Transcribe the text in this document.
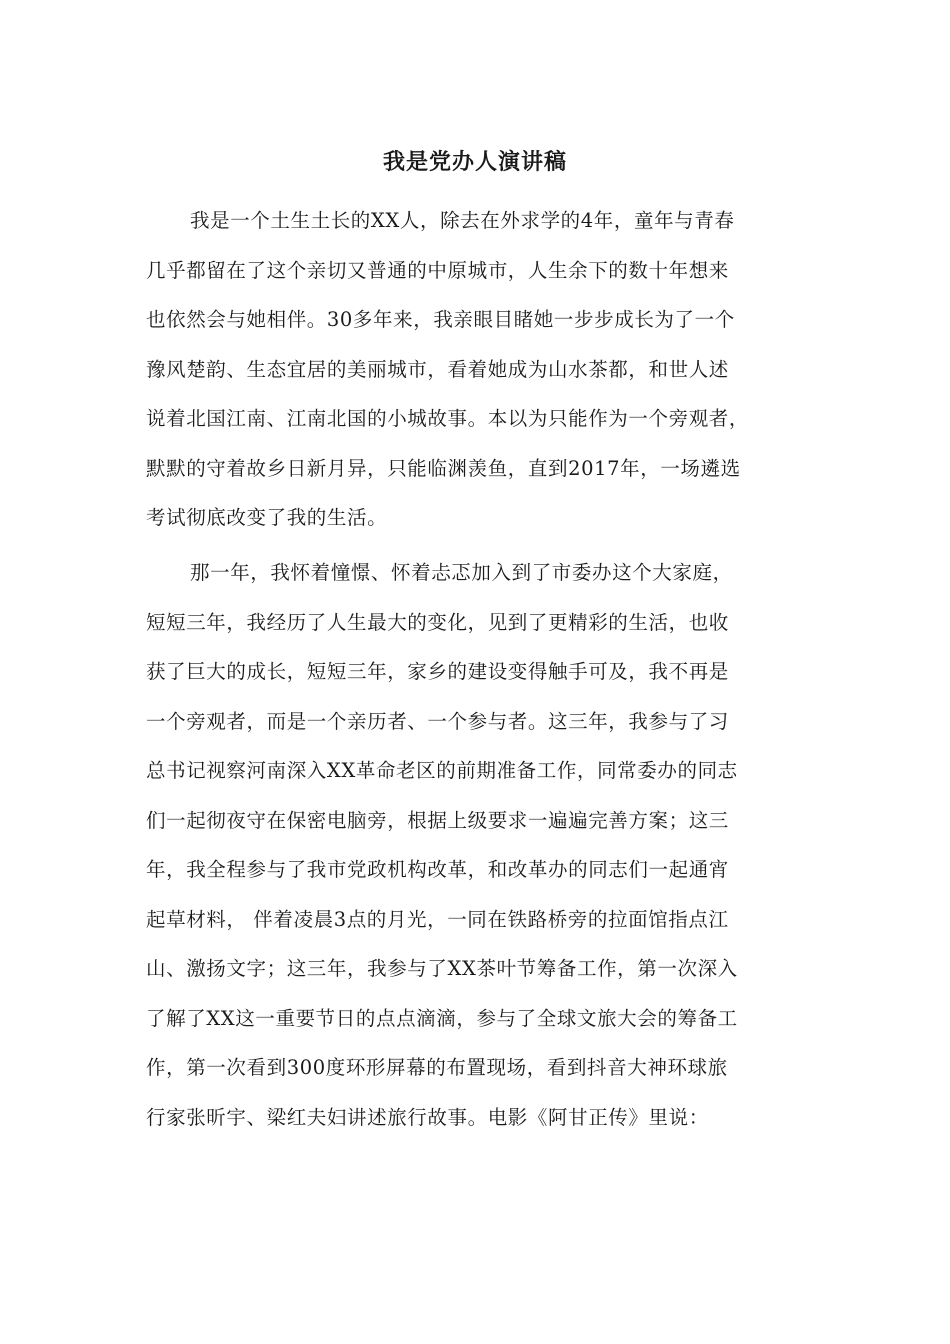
我是党办人演讲稿
我是一个土生土长的XX人，除去在外求学的4年，童年与青春
几乎都留在了这个亲切又普通的中原城市，人生余下的数十年想来
也依然会与她相伴。30多年来，我亲眼目睹她一步步成长为了一个
豫风楚韵、生态宜居的美丽城市，看着她成为山水茶都，和世人述
说着北国江南、江南北国的小城故事。本以为只能作为一个旁观者，
默默的守着故乡日新月异，只能临渊羡鱼，直到2017年，一场遴选
考试彻底改变了我的生活。
那一年，我怀着憧憬、怀着忐忑加入到了市委办这个大家庭，
短短三年，我经历了人生最大的变化，见到了更精彩的生活，也收
获了巨大的成长，短短三年，家乡的建设变得触手可及，我不再是
一个旁观者，而是一个亲历者、一个参与者。这三年，我参与了习
总书记视察河南深入XX革命老区的前期准备工作，同常委办的同志
们一起彻夜守在保密电脑旁，根据上级要求一遍遍完善方案；这三
年，我全程参与了我市党政机构改革，和改革办的同志们一起通宵
起草材料， 伴着凌晨3点的月光，一同在铁路桥旁的拉面馆指点江
山、激扬文字；这三年，我参与了XX茶叶节筹备工作，第一次深入
了解了XX这一重要节日的点点滴滴，参与了全球文旅大会的筹备工
作，第一次看到300度环形屏幕的布置现场，看到抖音大神环球旅
行家张昕宇、梁红夫妇讲述旅行故事。电影《阿甘正传》里说：
